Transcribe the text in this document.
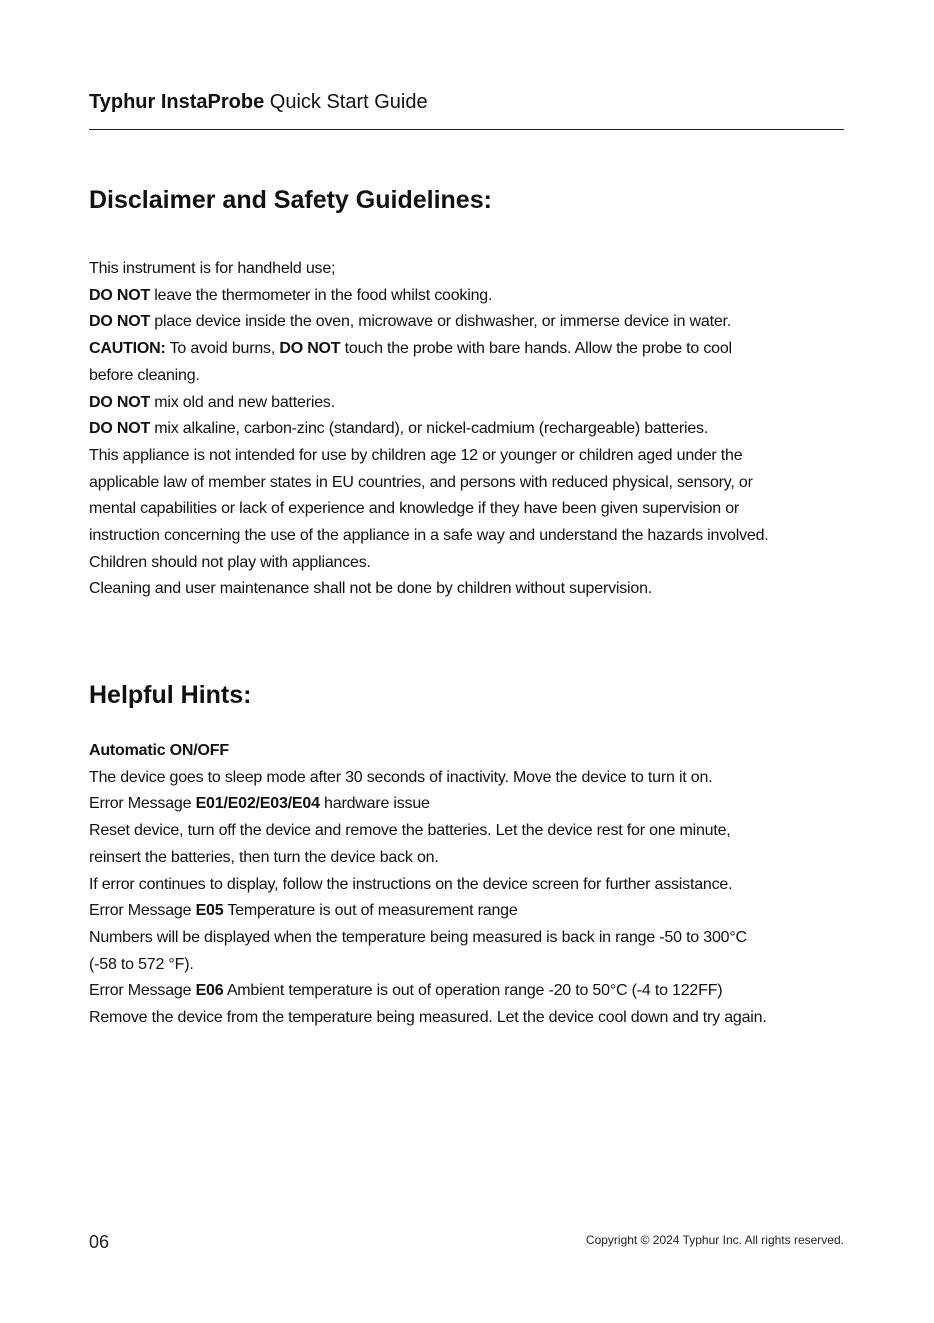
Typhur InstaProbe Quick Start Guide
Disclaimer and Safety Guidelines:
This instrument is for handheld use;
DO NOT leave the thermometer in the food whilst cooking.
DO NOT place device inside the oven, microwave or dishwasher, or immerse device in water.
CAUTION: To avoid burns, DO NOT touch the probe with bare hands. Allow the probe to cool
before cleaning.
DO NOT mix old and new batteries.
DO NOT mix alkaline, carbon-zinc (standard), or nickel-cadmium (rechargeable) batteries.
This appliance is not intended for use by children age 12 or younger or children aged under the
applicable law of member states in EU countries, and persons with reduced physical, sensory, or
mental capabilities or lack of experience and knowledge if they have been given supervision or
instruction concerning the use of the appliance in a safe way and understand the hazards involved.
Children should not play with appliances.
Cleaning and user maintenance shall not be done by children without supervision.
Helpful Hints:
Automatic ON/OFF
The device goes to sleep mode after 30 seconds of inactivity. Move the device to turn it on.
Error Message E01/E02/E03/E04 hardware issue
Reset device, turn off the device and remove the batteries. Let the device rest for one minute,
reinsert the batteries, then turn the device back on.
If error continues to display, follow the instructions on the device screen for further assistance.
Error Message E05 Temperature is out of measurement range
Numbers will be displayed when the temperature being measured is back in range -50 to 300°C
(-58 to 572 °F).
Error Message E06 Ambient temperature is out of operation range -20 to 50°C (-4 to 122FF)
Remove the device from the temperature being measured. Let the device cool down and try again.
06	Copyright © 2024 Typhur Inc. All rights reserved.
